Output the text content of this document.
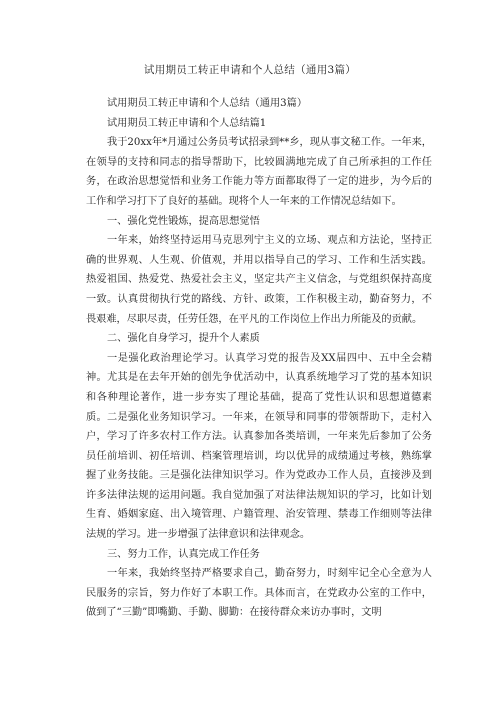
试用期员工转正申请和个人总结（通用3篇）
试用期员工转正申请和个人总结（通用3篇）
试用期员工转正申请和个人总结篇1

我于20xx年*月通过公务员考试招录到**乡，现从事文秘工作。一年来，在领导的支持和同志的指导帮助下，比较圆满地完成了自己所承担的工作任务，在政治思想觉悟和业务工作能力等方面都取得了一定的进步，为今后的工作和学习打下了良好的基础。现将个人一年来的工作情况总结如下。

一、强化党性锻炼，提高思想觉悟

一年来，始终坚持运用马克思列宁主义的立场、观点和方法论，坚持正确的世界观、人生观、价值观，并用以指导自己的学习、工作和生活实践。热爱祖国、热爱党、热爱社会主义，坚定共产主义信念，与党组织保持高度一致。认真贯彻执行党的路线、方针、政策，工作积极主动，勤奋努力，不畏艰难，尽职尽责，任劳任怨，在平凡的工作岗位上作出力所能及的贡献。

二、强化自身学习，提升个人素质

一是强化政治理论学习。认真学习党的报告及XX届四中、五中全会精神。尤其是在去年开始的创先争优活动中，认真系统地学习了党的基本知识和各种理论著作，进一步夯实了理论基础，提高了党性认识和思想道德素质。二是强化业务知识学习。一年来，在领导和同事的带领帮助下，走村入户，学习了许多农村工作方法。认真参加各类培训，一年来先后参加了公务员任前培训、初任培训、档案管理培训，均以优异的成绩通过考核，熟练掌握了业务技能。三是强化法律知识学习。作为党政办工作人员，直接涉及到许多法律法规的运用问题。我自觉加强了对法律法规知识的学习，比如计划生育、婚姻家庭、出入境管理、户籍管理、治安管理、禁毒工作细则等法律法规的学习。进一步增强了法律意识和法律观念。

三、努力工作，认真完成工作任务

一年来，我始终坚持严格要求自己，勤奋努力，时刻牢记全心全意为人民服务的宗旨，努力作好了本职工作。具体而言，在党政办公室的工作中，做到了“三勤”即嘴勤、手勤、脚勤：在接待群众来访办事时，文明
